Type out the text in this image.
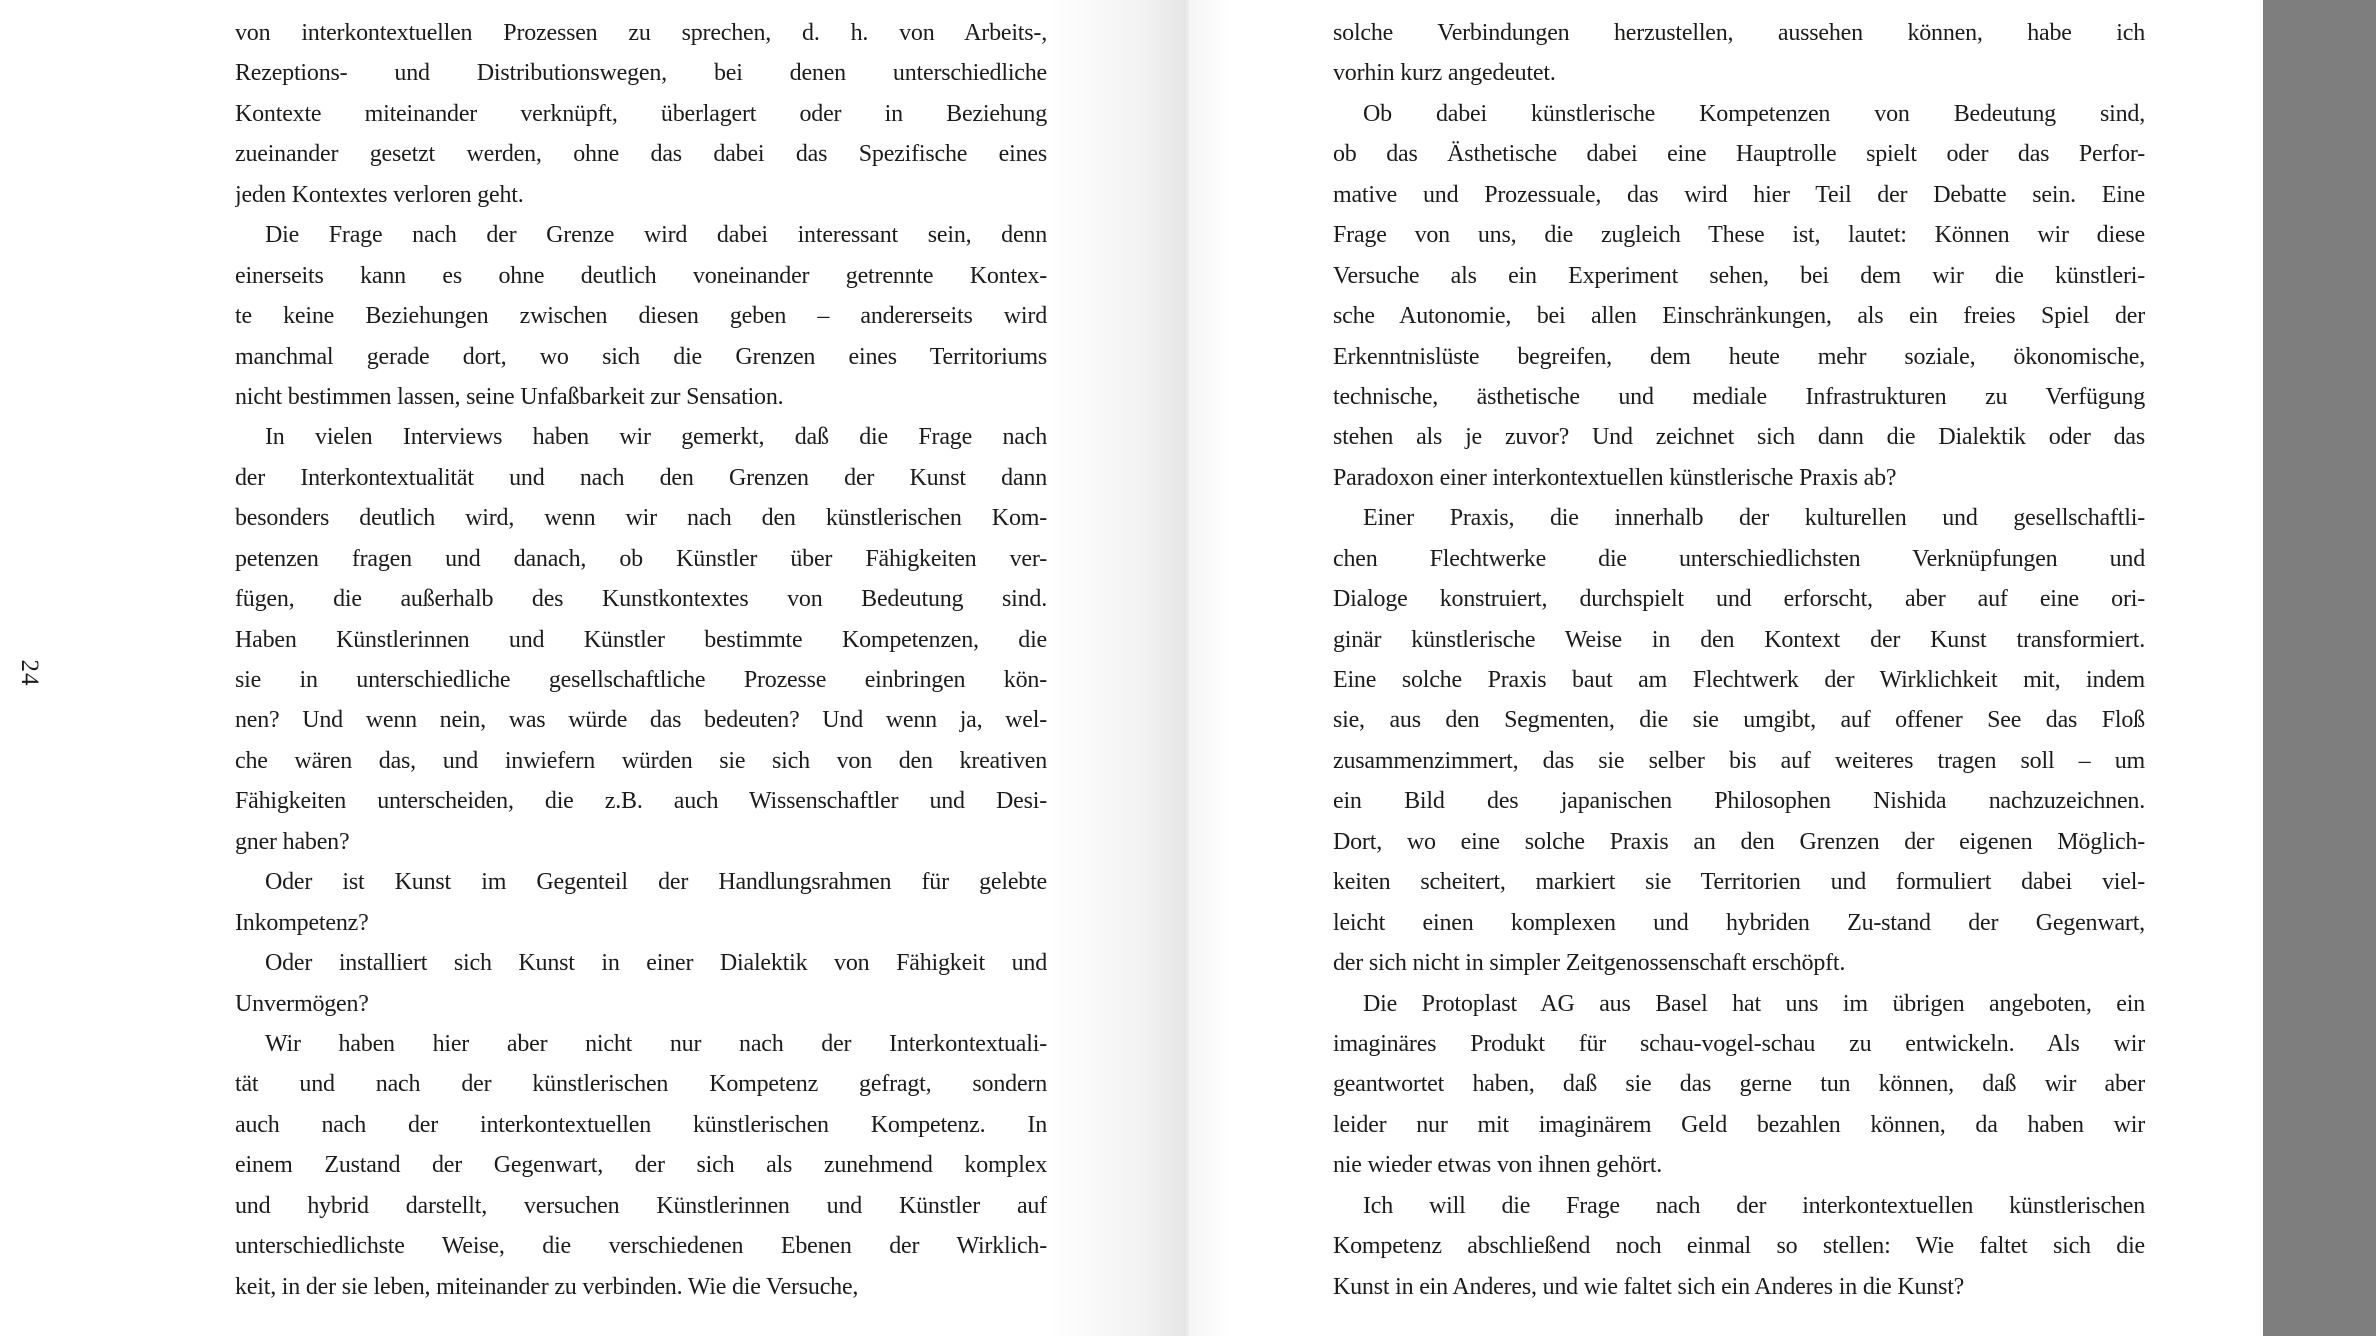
24
von interkontextuellen Prozessen zu sprechen, d. h. von Arbeits-,
Rezeptions- und Distributionswegen, bei denen unterschiedliche
Kontexte miteinander verknüpft, überlagert oder in Beziehung
zueinander gesetzt werden, ohne das dabei das Spezifische eines
jeden Kontextes verloren geht.
Die Frage nach der Grenze wird dabei interessant sein, denn
einerseits kann es ohne deutlich voneinander getrennte Kontex-
te keine Beziehungen zwischen diesen geben – andererseits wird
manchmal gerade dort, wo sich die Grenzen eines Territoriums
nicht bestimmen lassen, seine Unfaßbarkeit zur Sensation.
In vielen Interviews haben wir gemerkt, daß die Frage nach
der Interkontextualität und nach den Grenzen der Kunst dann
besonders deutlich wird, wenn wir nach den künstlerischen Kom-
petenzen fragen und danach, ob Künstler über Fähigkeiten ver-
fügen, die außerhalb des Kunstkontextes von Bedeutung sind.
Haben Künstlerinnen und Künstler bestimmte Kompetenzen, die
sie in unterschiedliche gesellschaftliche Prozesse einbringen kön-
nen? Und wenn nein, was würde das bedeuten? Und wenn ja, wel-
che wären das, und inwiefern würden sie sich von den kreativen
Fähigkeiten unterscheiden, die z.B. auch Wissenschaftler und Desi-
gner haben?
Oder ist Kunst im Gegenteil der Handlungsrahmen für gelebte
Inkompetenz?
Oder installiert sich Kunst in einer Dialektik von Fähigkeit und
Unvermögen?
Wir haben hier aber nicht nur nach der Interkontextuali-
tät und nach der künstlerischen Kompetenz gefragt, sondern
auch nach der interkontextuellen künstlerischen Kompetenz. In
einem Zustand der Gegenwart, der sich als zunehmend komplex
und hybrid darstellt, versuchen Künstlerinnen und Künstler auf
unterschiedlichste Weise, die verschiedenen Ebenen der Wirklich-
keit, in der sie leben, miteinander zu verbinden. Wie die Versuche,
solche Verbindungen herzustellen, aussehen können, habe ich
vorhin kurz angedeutet.
Ob dabei künstlerische Kompetenzen von Bedeutung sind,
ob das Ästhetische dabei eine Hauptrolle spielt oder das Perfor-
mative und Prozessuale, das wird hier Teil der Debatte sein. Eine
Frage von uns, die zugleich These ist, lautet: Können wir diese
Versuche als ein Experiment sehen, bei dem wir die künstleri-
sche Autonomie, bei allen Einschränkungen, als ein freies Spiel der
Erkenntnislüste begreifen, dem heute mehr soziale, ökonomische,
technische, ästhetische und mediale Infrastrukturen zu Verfügung
stehen als je zuvor? Und zeichnet sich dann die Dialektik oder das
Paradoxon einer interkontextuellen künstlerische Praxis ab?
Einer Praxis, die innerhalb der kulturellen und gesellschaftli-
chen Flechtwerke die unterschiedlichsten Verknüpfungen und
Dialoge konstruiert, durchspielt und erforscht, aber auf eine ori-
ginär künstlerische Weise in den Kontext der Kunst transformiert.
Eine solche Praxis baut am Flechtwerk der Wirklichkeit mit, indem
sie, aus den Segmenten, die sie umgibt, auf offener See das Floß
zusammenzimmert, das sie selber bis auf weiteres tragen soll – um
ein Bild des japanischen Philosophen Nishida nachzuzeichnen.
Dort, wo eine solche Praxis an den Grenzen der eigenen Möglich-
keiten scheitert, markiert sie Territorien und formuliert dabei viel-
leicht einen komplexen und hybriden Zu-stand der Gegenwart,
der sich nicht in simpler Zeitgenossenschaft erschöpft.
Die Protoplast AG aus Basel hat uns im übrigen angeboten, ein
imaginäres Produkt für schau-vogel-schau zu entwickeln. Als wir
geantwortet haben, daß sie das gerne tun können, daß wir aber
leider nur mit imaginärem Geld bezahlen können, da haben wir
nie wieder etwas von ihnen gehört.
Ich will die Frage nach der interkontextuellen künstlerischen
Kompetenz abschließend noch einmal so stellen: Wie faltet sich die
Kunst in ein Anderes, und wie faltet sich ein Anderes in die Kunst?
